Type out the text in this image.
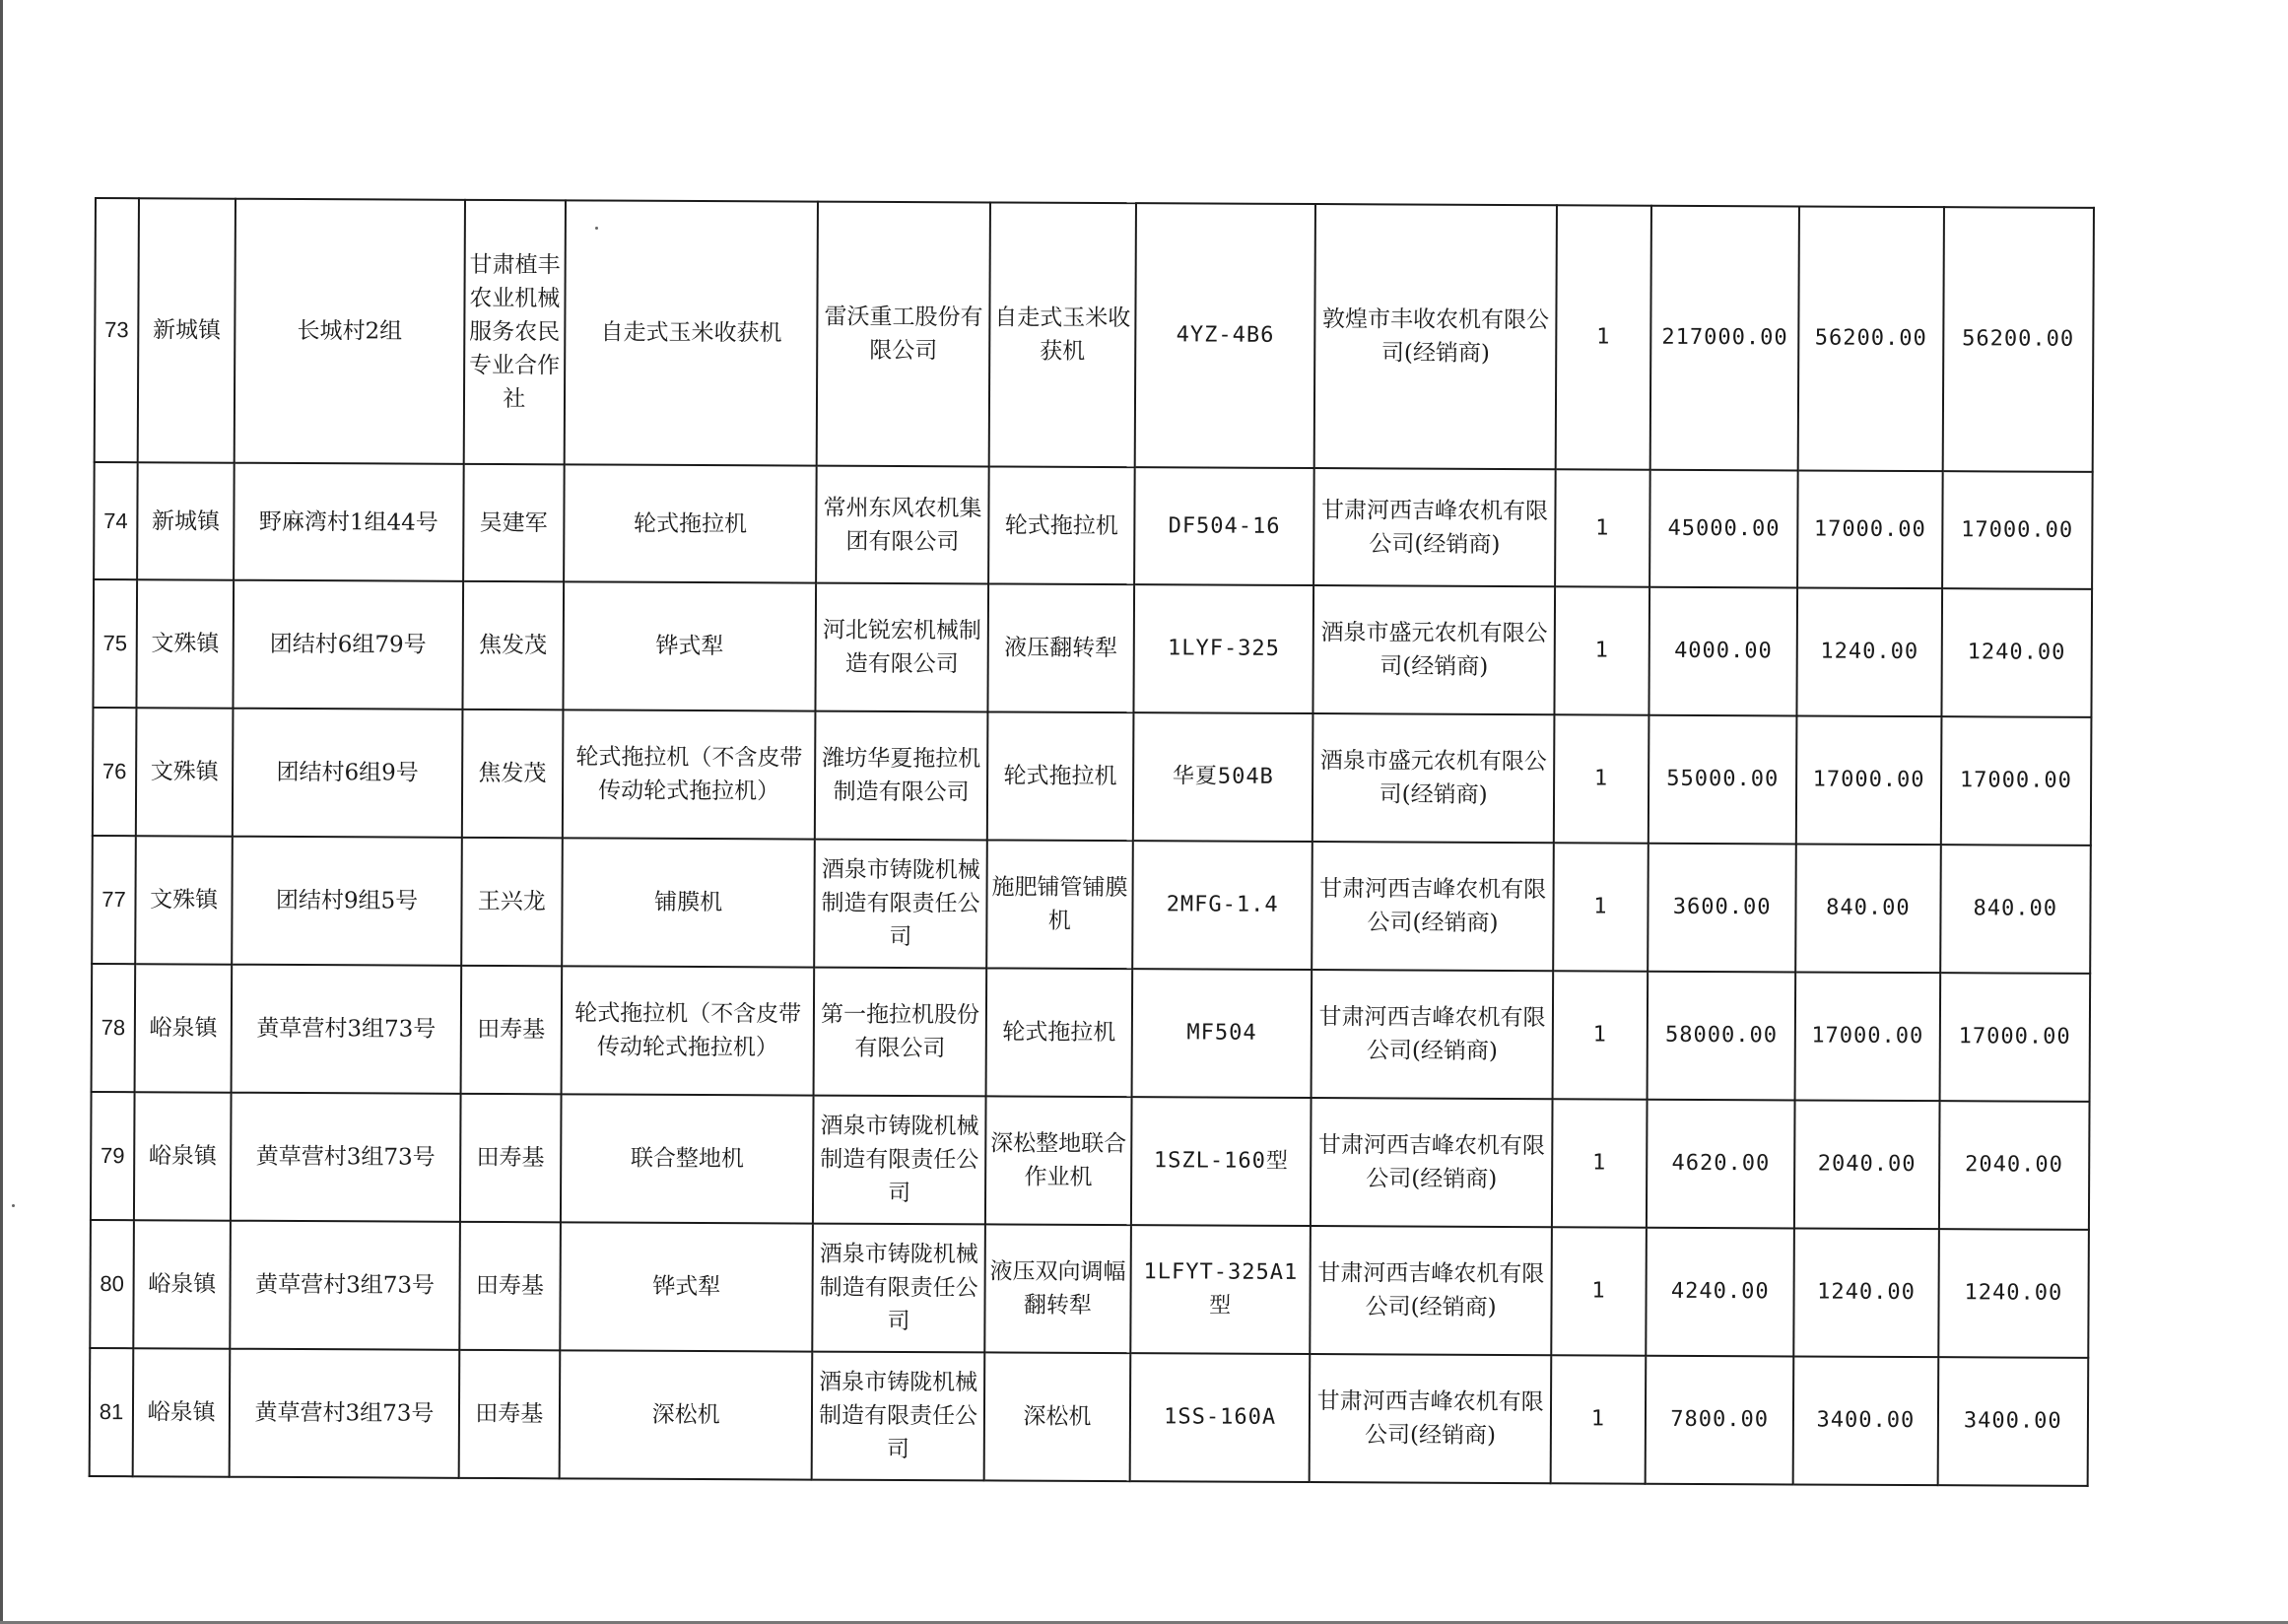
73	新城镇	长城村2组	甘肃植丰农业机械服务农民专业合作社	自走式玉米收获机	雷沃重工股份有限公司	自走式玉米收获机	4YZ-4B6	敦煌市丰收农机有限公司(经销商)	1	217000.00	56200.00	56200.00
74	新城镇	野麻湾村1组44号	吴建军	轮式拖拉机	常州东风农机集团有限公司	轮式拖拉机	DF504-16	甘肃河西吉峰农机有限公司(经销商)	1	45000.00	17000.00	17000.00
75	文殊镇	团结村6组79号	焦发茂	铧式犁	河北锐宏机械制造有限公司	液压翻转犁	1LYF-325	酒泉市盛元农机有限公司(经销商)	1	4000.00	1240.00	1240.00
76	文殊镇	团结村6组9号	焦发茂	轮式拖拉机（不含皮带传动轮式拖拉机）	潍坊华夏拖拉机制造有限公司	轮式拖拉机	华夏504B	酒泉市盛元农机有限公司(经销商)	1	55000.00	17000.00	17000.00
77	文殊镇	团结村9组5号	王兴龙	铺膜机	酒泉市铸陇机械制造有限责任公司	施肥铺管铺膜机	2MFG-1.4	甘肃河西吉峰农机有限公司(经销商)	1	3600.00	840.00	840.00
78	峪泉镇	黄草营村3组73号	田寿基	轮式拖拉机（不含皮带传动轮式拖拉机）	第一拖拉机股份有限公司	轮式拖拉机	MF504	甘肃河西吉峰农机有限公司(经销商)	1	58000.00	17000.00	17000.00
79	峪泉镇	黄草营村3组73号	田寿基	联合整地机	酒泉市铸陇机械制造有限责任公司	深松整地联合作业机	1SZL-160型	甘肃河西吉峰农机有限公司(经销商)	1	4620.00	2040.00	2040.00
80	峪泉镇	黄草营村3组73号	田寿基	铧式犁	酒泉市铸陇机械制造有限责任公司	液压双向调幅翻转犁	1LFYT-325A1型	甘肃河西吉峰农机有限公司(经销商)	1	4240.00	1240.00	1240.00
81	峪泉镇	黄草营村3组73号	田寿基	深松机	酒泉市铸陇机械制造有限责任公司	深松机	1SS-160A	甘肃河西吉峰农机有限公司(经销商)	1	7800.00	3400.00	3400.00
